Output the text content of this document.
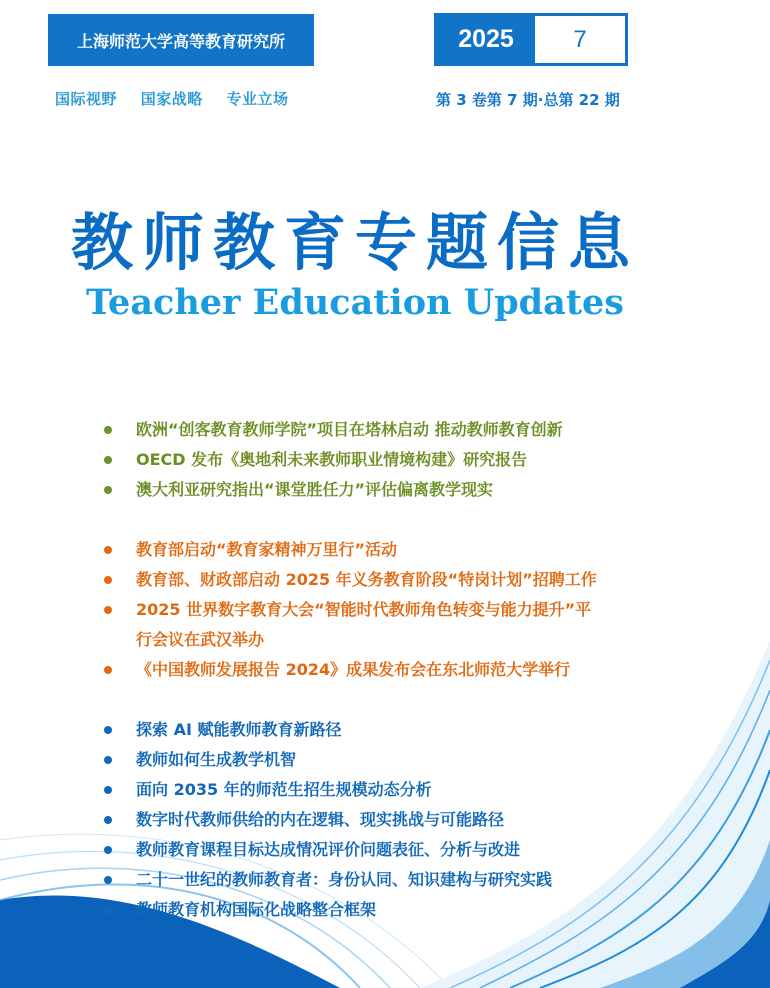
上海师范大学高等教育研究所
国际视野 国家战略 专业立场
2025	7
第 3 卷第 7 期·总第 22 期
教师教育专题信息
Teacher Education Updates
欧洲“创客教育教师学院”项目在塔林启动 推动教师教育创新
OECD 发布《奥地利未来教师职业情境构建》研究报告
澳大利亚研究指出“课堂胜任力”评估偏离教学现实
教育部启动“教育家精神万里行”活动
教育部、财政部启动 2025 年义务教育阶段“特岗计划”招聘工作
2025 世界数字教育大会“智能时代教师角色转变与能力提升”平
行会议在武汉举办
《中国教师发展报告 2024》成果发布会在东北师范大学举行
探索 AI 赋能教师教育新路径
教师如何生成教学机智
面向 2035 年的师范生招生规模动态分析
数字时代教师供给的内在逻辑、现实挑战与可能路径
教师教育课程目标达成情况评价问题表征、分析与改进
二十一世纪的教师教育者：身份认同、知识建构与研究实践
教师教育机构国际化战略整合框架
